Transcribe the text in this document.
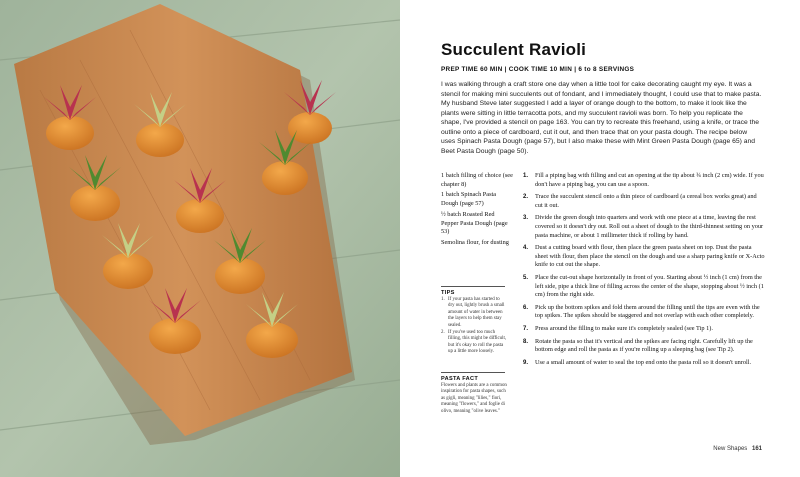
Succulent Ravioli
PREP TIME 60 MIN | COOK TIME 10 MIN | 6 to 8 SERVINGS
I was walking through a craft store one day when a little tool for cake decorating caught my eye. It was a stencil for making mini succulents out of fondant, and I immediately thought, I could use that to make pasta. My husband Steve later suggested I add a layer of orange dough to the bottom, to make it look like the plants were sitting in little terracotta pots, and my succulent ravioli was born. To help you replicate the shape, I've provided a stencil on page 163. You can try to recreate this freehand, using a knife, or trace the outline onto a piece of cardboard, cut it out, and then trace that on your pasta dough. The recipe below uses Spinach Pasta Dough (page 57), but I also make these with Mint Green Pasta Dough (page 65) and Beet Pasta Dough (page 50).

1 batch filling of choice (see chapter 8)

1 batch Spinach Pasta Dough (page 57)

½ batch Roasted Red Pepper Pasta Dough (page 53)

Semolina flour, for dusting

TIPS
1. If your pasta has started to dry out, lightly brush a small amount of water in between the layers to help them stay sealed.
2. If you've used too much filling, this might be difficult, but it's okay to roll the pasta up a little more loosely.
PASTA FACT
Flowers and plants are a common inspiration for pasta shapes, such as gigli, meaning "lilies," fiori, meaning "flowers," and foglie di olivo, meaning "olive leaves."
1.	Fill a piping bag with filling and cut an opening at the tip about ¾ inch (2 cm) wide. If you don't have a piping bag, you can use a spoon.
2.	Trace the succulent stencil onto a thin piece of cardboard (a cereal box works great) and cut it out.
3.	Divide the green dough into quarters and work with one piece at a time, leaving the rest covered so it doesn't dry out. Roll out a sheet of dough to the third-thinnest setting on your pasta machine, or about 1 millimeter thick if rolling by hand.
4.	Dust a cutting board with flour, then place the green pasta sheet on top. Dust the pasta sheet with flour, then place the stencil on the dough and use a sharp paring knife or X-Acto knife to cut out the shape.
5.	Place the cut-out shape horizontally in front of you. Starting about ½ inch (1 cm) from the left side, pipe a thick line of filling across the center of the shape, stopping about ½ inch (1 cm) from the right side.
6.	Pick up the bottom spikes and fold them around the filling until the tips are even with the top spikes. The spikes should be staggered and not overlap with each other completely.
7.	Press around the filling to make sure it's completely sealed (see Tip 1).
8.	Rotate the pasta so that it's vertical and the spikes are facing right. Carefully lift up the bottom edge and roll the pasta as if you're rolling up a sleeping bag (see Tip 2).
9.	Use a small amount of water to seal the top end onto the pasta roll so it doesn't unroll.
New Shapes 161
